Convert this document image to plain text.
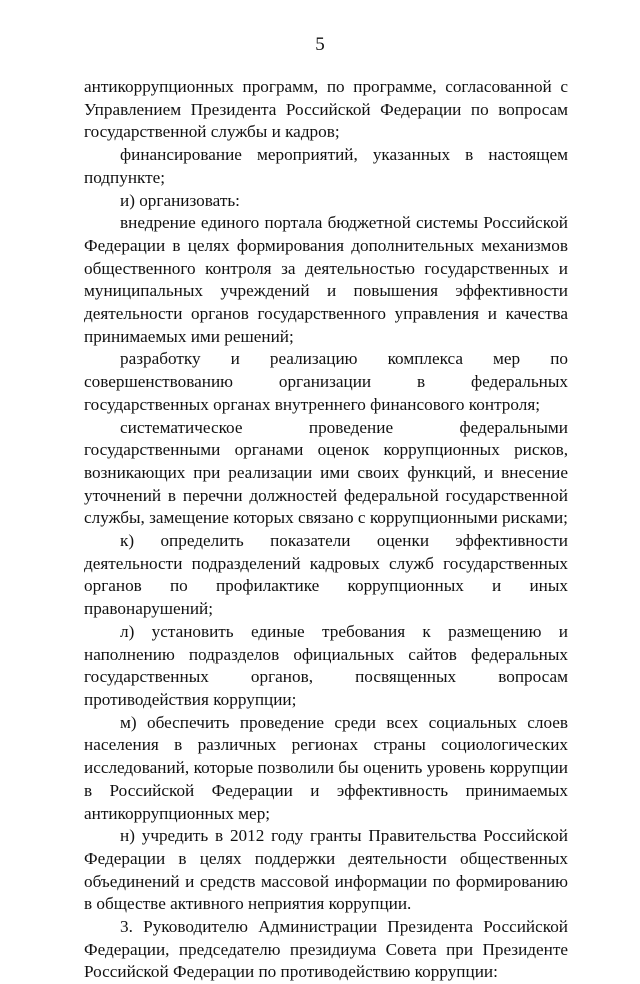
5

антикоррупционных программ, по программе, согласованной с Управлением Президента Российской Федерации по вопросам государственной службы и кадров;

финансирование мероприятий, указанных в настоящем подпункте;

и) организовать:

внедрение единого портала бюджетной системы Российской Федерации в целях формирования дополнительных механизмов общественного контроля за деятельностью государственных и муниципальных учреждений и повышения эффективности деятельности органов государственного управления и качества принимаемых ими решений;

разработку и реализацию комплекса мер по совершенствованию организации в федеральных государственных органах внутреннего финансового контроля;

систематическое проведение федеральными государственными органами оценок коррупционных рисков, возникающих при реализации ими своих функций, и внесение уточнений в перечни должностей федеральной государственной службы, замещение которых связано с коррупционными рисками;

к) определить показатели оценки эффективности деятельности подразделений кадровых служб государственных органов по профилактике коррупционных и иных правонарушений;

л) установить единые требования к размещению и наполнению подразделов официальных сайтов федеральных государственных органов, посвященных вопросам противодействия коррупции;

м) обеспечить проведение среди всех социальных слоев населения в различных регионах страны социологических исследований, которые позволили бы оценить уровень коррупции в Российской Федерации и эффективность принимаемых антикоррупционных мер;

н) учредить в 2012 году гранты Правительства Российской Федерации в целях поддержки деятельности общественных объединений и средств массовой информации по формированию в обществе активного неприятия коррупции.

3. Руководителю Администрации Президента Российской Федерации, председателю президиума Совета при Президенте Российской Федерации по противодействию коррупции:
